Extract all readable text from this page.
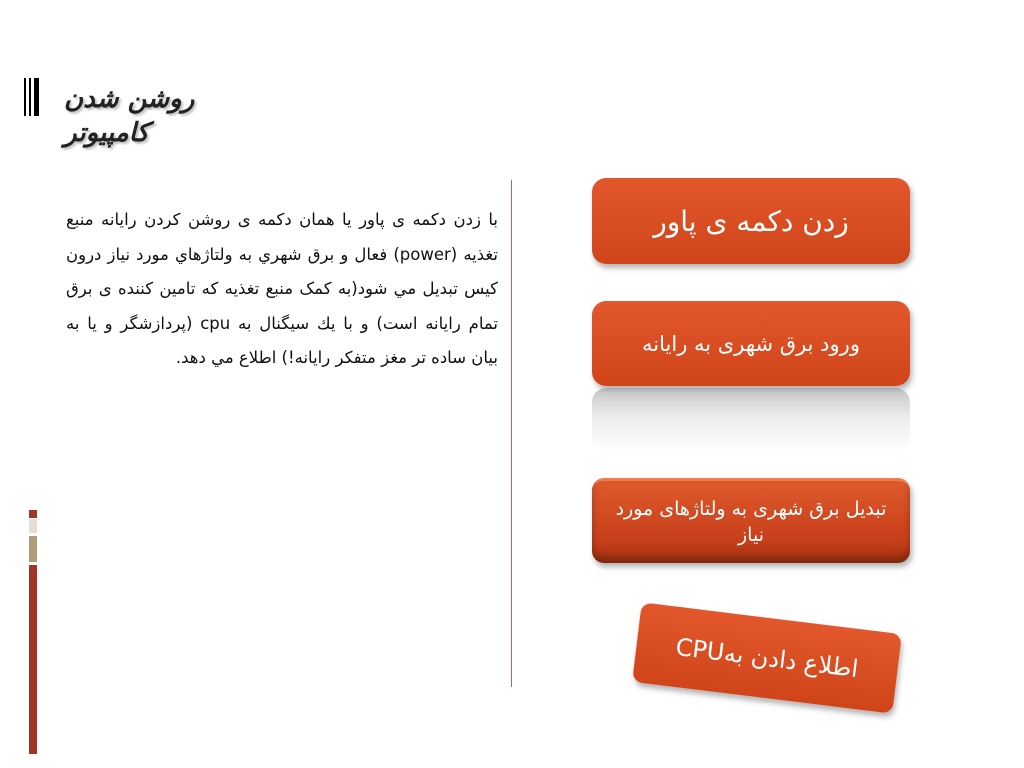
روشن شدن کامپیوتر
با زدن دکمه ی پاور یا همان دکمه ی روشن کردن رایانه منبع تغذیه (power) فعال و برق شهري به ولتاژهاي مورد نياز درون کیس تبدیل مي شود(به کمک منبع تغذیه که تامین کننده ی برق تمام رایانه است) و با يك سيگنال به cpu (پردازشگر و یا به بیان ساده تر مغز متفکر رایانه!) اطلاع مي دهد.
زدن دکمه ی پاور
ورود برق شهری به رایانه
تبدیل برق شهری به ولتاژهای مورد نیاز
اطلاع دادن بهCPU
